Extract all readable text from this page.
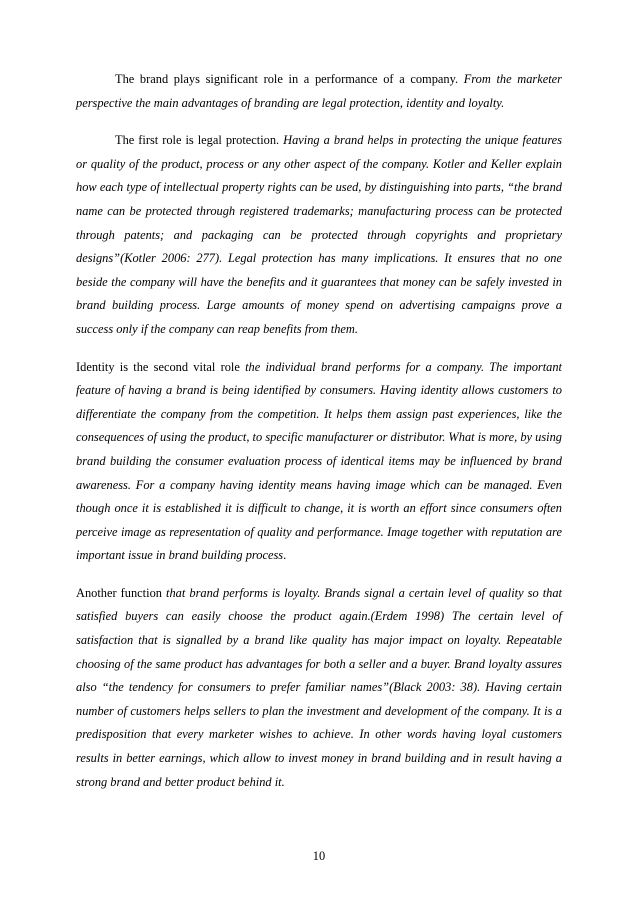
The brand plays significant role in a performance of a company. From the marketer perspective the main advantages of branding are legal protection, identity and loyalty.

The first role is legal protection. Having a brand helps in protecting the unique features or quality of the product, process or any other aspect of the company. Kotler and Keller explain how each type of intellectual property rights can be used, by distinguishing into parts, “the brand name can be protected through registered trademarks; manufacturing process can be protected through patents; and packaging can be protected through copyrights and proprietary designs”(Kotler 2006: 277). Legal protection has many implications. It ensures that no one beside the company will have the benefits and it guarantees that money can be safely invested in brand building process. Large amounts of money spend on advertising campaigns prove a success only if the company can reap benefits from them.

Identity is the second vital role the individual brand performs for a company. The important feature of having a brand is being identified by consumers. Having identity allows customers to differentiate the company from the competition. It helps them assign past experiences, like the consequences of using the product, to specific manufacturer or distributor. What is more, by using brand building the consumer evaluation process of identical items may be influenced by brand awareness. For a company having identity means having image which can be managed. Even though once it is established it is difficult to change, it is worth an effort since consumers often perceive image as representation of quality and performance. Image together with reputation are important issue in brand building process.

Another function that brand performs is loyalty. Brands signal a certain level of quality so that satisfied buyers can easily choose the product again.(Erdem 1998) The certain level of satisfaction that is signalled by a brand like quality has major impact on loyalty. Repeatable choosing of the same product has advantages for both a seller and a buyer. Brand loyalty assures also “the tendency for consumers to prefer familiar names”(Black 2003: 38). Having certain number of customers helps sellers to plan the investment and development of the company. It is a predisposition that every marketer wishes to achieve. In other words having loyal customers results in better earnings, which allow to invest money in brand building and in result having a strong brand and better product behind it.

10
